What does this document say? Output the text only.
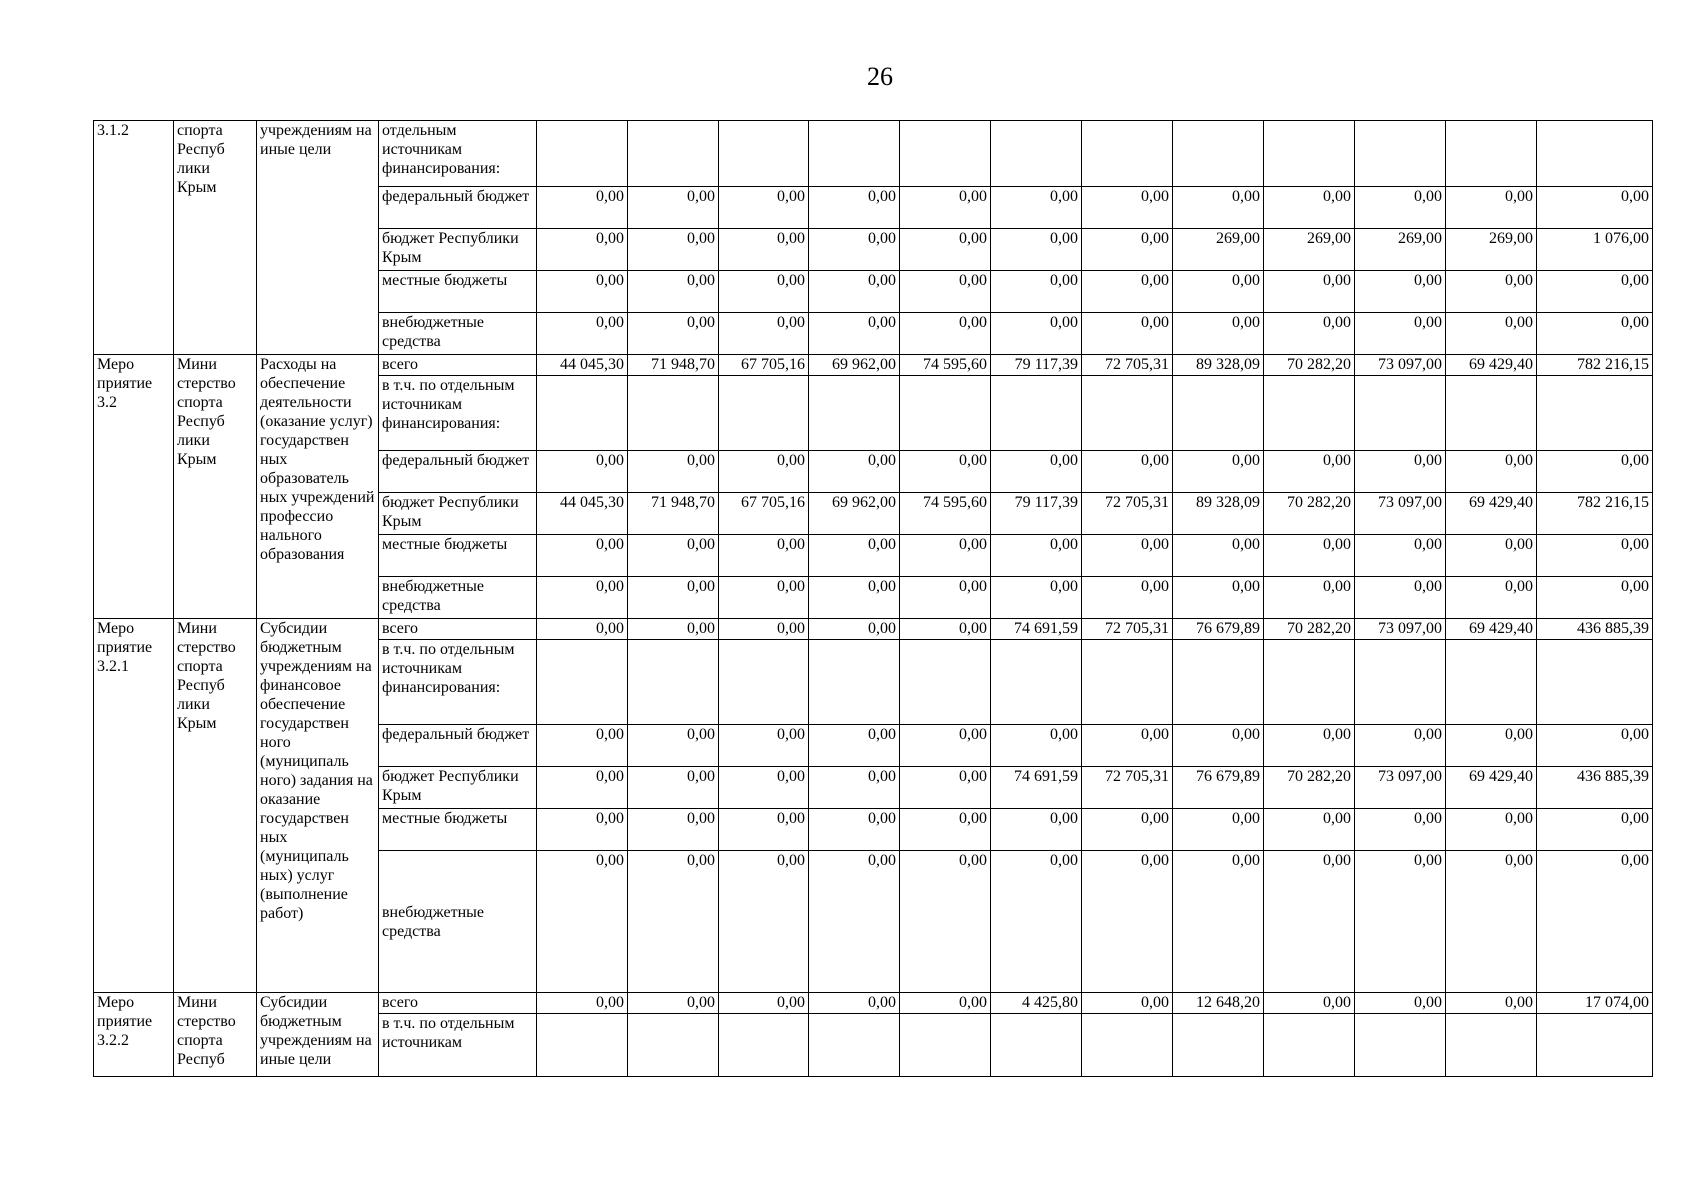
26
3.1.2	спорта Респуб лики Крым	учреждениям на иные цели	отдельным источникам финансирования:												
			федеральный бюджет	0,00	0,00	0,00	0,00	0,00	0,00	0,00	0,00	0,00	0,00	0,00	0,00
			бюджет Республики Крым	0,00	0,00	0,00	0,00	0,00	0,00	0,00	269,00	269,00	269,00	269,00	1 076,00
			местные бюджеты	0,00	0,00	0,00	0,00	0,00	0,00	0,00	0,00	0,00	0,00	0,00	0,00
			внебюджетные средства	0,00	0,00	0,00	0,00	0,00	0,00	0,00	0,00	0,00	0,00	0,00	0,00
Меро приятие 3.2	Мини стерство спорта Респуб лики Крым	Расходы на обеспечение деятельности (оказание услуг) государствен ных образователь ных учреждений профессио нального образования	всего	44 045,30	71 948,70	67 705,16	69 962,00	74 595,60	79 117,39	72 705,31	89 328,09	70 282,20	73 097,00	69 429,40	782 216,15
			в т.ч. по отдельным источникам финансирования:												
			федеральный бюджет	0,00	0,00	0,00	0,00	0,00	0,00	0,00	0,00	0,00	0,00	0,00	0,00
			бюджет Республики Крым	44 045,30	71 948,70	67 705,16	69 962,00	74 595,60	79 117,39	72 705,31	89 328,09	70 282,20	73 097,00	69 429,40	782 216,15
			местные бюджеты	0,00	0,00	0,00	0,00	0,00	0,00	0,00	0,00	0,00	0,00	0,00	0,00
			внебюджетные средства	0,00	0,00	0,00	0,00	0,00	0,00	0,00	0,00	0,00	0,00	0,00	0,00
Меро приятие 3.2.1	Мини стерство спорта Респуб лики Крым	Субсидии бюджетным учреждениям на финансовое обеспечение государствен ного (муниципаль ного) задания на оказание государствен ных (муниципаль ных) услуг (выполнение работ)	всего	0,00	0,00	0,00	0,00	0,00	74 691,59	72 705,31	76 679,89	70 282,20	73 097,00	69 429,40	436 885,39
			в т.ч. по отдельным источникам финансирования:												
			федеральный бюджет	0,00	0,00	0,00	0,00	0,00	0,00	0,00	0,00	0,00	0,00	0,00	0,00
			бюджет Республики Крым	0,00	0,00	0,00	0,00	0,00	74 691,59	72 705,31	76 679,89	70 282,20	73 097,00	69 429,40	436 885,39
			местные бюджеты	0,00	0,00	0,00	0,00	0,00	0,00	0,00	0,00	0,00	0,00	0,00	0,00
			внебюджетные средства	0,00	0,00	0,00	0,00	0,00	0,00	0,00	0,00	0,00	0,00	0,00	0,00
Меро приятие 3.2.2	Мини стерство спорта Респуб	Субсидии бюджетным учреждениям на иные цели	всего	0,00	0,00	0,00	0,00	0,00	4 425,80	0,00	12 648,20	0,00	0,00	0,00	17 074,00
			в т.ч. по отдельным источникам												
